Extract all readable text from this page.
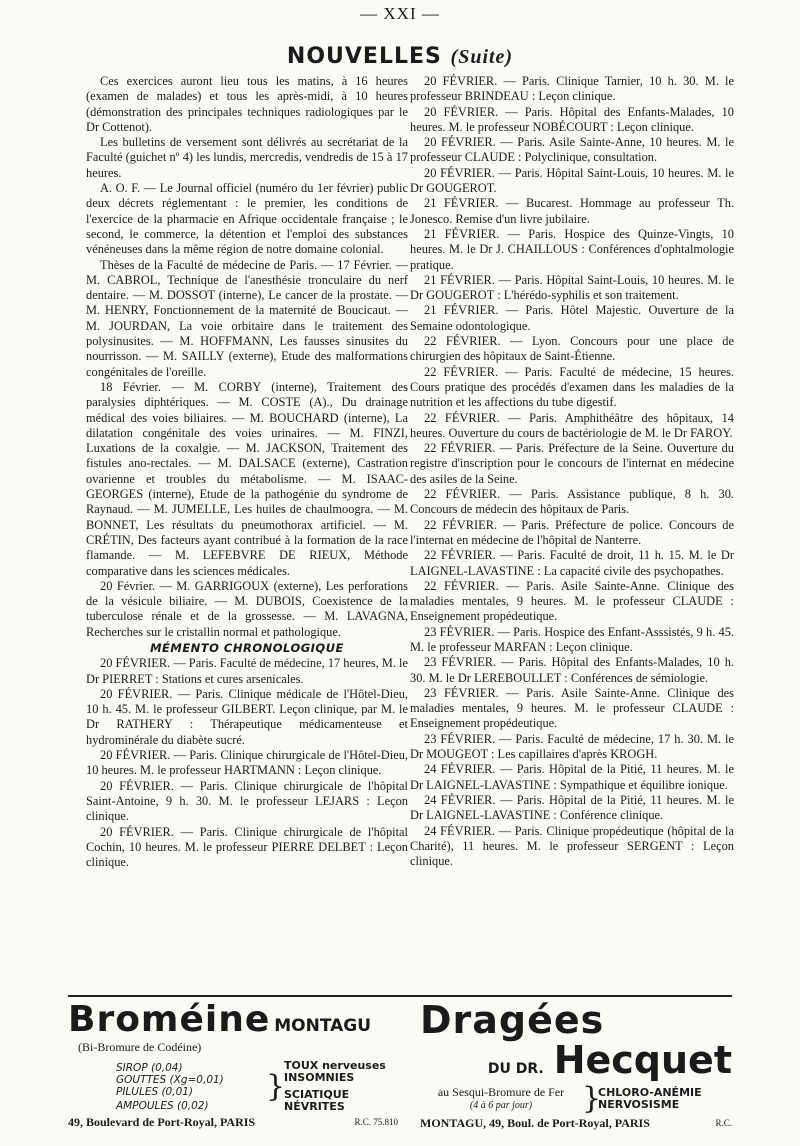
— XXI —
NOUVELLES (Suite)

Ces exercices auront lieu tous les matins, à 16 heures (examen de malades) et tous les après-midi, à 10 heures (démonstration des principales techniques radiologiques par le Dr Cottenot).

Les bulletins de versement sont délivrés au secrétariat de la Faculté (guichet nº 4) les lundis, mercredis, vendredis de 15 à 17 heures.

A. O. F. — Le Journal officiel (numéro du 1er février) public deux décrets réglementant : le premier, les conditions de l'exercice de la pharmacie en Afrique occidentale française ; le second, le commerce, la détention et l'emploi des substances vénéneuses dans la même région de notre domaine colonial.

Thèses de la Faculté de médecine de Paris. — 17 Février. — M. CABROL, Technique de l'anesthésie tronculaire du nerf dentaire. — M. DOSSOT (interne), Le cancer de la prostate. — M. HENRY, Fonctionnement de la maternité de Boucicaut. — M. JOURDAN, La voie orbitaire dans le traitement des polysinusites. — M. HOFFMANN, Les fausses sinusites du nourrisson. — M. SAILLY (externe), Etude des malformations congénitales de l'oreille.

18 Février. — M. CORBY (interne), Traitement des paralysies diphtériques. — M. COSTE (A)., Du drainage médical des voies biliaires. — M. BOUCHARD (interne), La dilatation congénitale des voies urinaires. — M. FINZI, Luxations de la coxalgie. — M. JACKSON, Traitement des fistules ano-rectales. — M. DALSACE (externe), Castration ovarienne et troubles du métabolisme. — M. ISAAC-GEORGES (interne), Etude de la pathogénie du syndrome de Raynaud. — M. JUMELLE, Les huiles de chaulmoogra. — M. BONNET, Les résultats du pneumothorax artificiel. — M. CRÉTIN, Des facteurs ayant contribué à la formation de la race flamande. — M. LEFEBVRE DE RIEUX, Méthode comparative dans les sciences médicales.

20 Février. — M. GARRIGOUX (externe), Les perforations de la vésicule biliaire. — M. DUBOIS, Coexistence de la tuberculose rénale et de la grossesse. — M. LAVAGNA, Recherches sur le cristallin normal et pathologique.

MÉMENTO CHRONOLOGIQUE

20 FÉVRIER. — Paris. Faculté de médecine, 17 heures, M. le Dr PIERRET : Stations et cures arsenicales.

20 FÉVRIER. — Paris. Clinique médicale de l'Hôtel-Dieu, 10 h. 45. M. le professeur GILBERT. Leçon clinique, par M. le Dr RATHERY : Thérapeutique médicamenteuse et hydrominérale du diabète sucré.

20 FÉVRIER. — Paris. Clinique chirurgicale de l'Hôtel-Dieu, 10 heures. M. le professeur HARTMANN : Leçon clinique.

20 FÉVRIER. — Paris. Clinique chirurgicale de l'hôpital Saint-Antoine, 9 h. 30. M. le professeur LEJARS : Leçon clinique.

20 FÉVRIER. — Paris. Clinique chirurgicale de l'hôpital Cochin, 10 heures. M. le professeur PIERRE DELBET : Leçon clinique.

20 FÉVRIER. — Paris. Clinique Tarnier, 10 h. 30. M. le professeur BRINDEAU : Leçon clinique.

20 FÉVRIER. — Paris. Hôpital des Enfants-Malades, 10 heures. M. le professeur NOBÉCOURT : Leçon clinique.

20 FÉVRIER. — Paris. Asile Sainte-Anne, 10 heures. M. le professeur CLAUDE : Polyclinique, consultation.

20 FÉVRIER. — Paris. Hôpital Saint-Louis, 10 heures. M. le Dr GOUGEROT.

21 FÉVRIER. — Bucarest. Hommage au professeur Th. Jonesco. Remise d'un livre jubilaire.

21 FÉVRIER. — Paris. Hospice des Quinze-Vingts, 10 heures. M. le Dr J. CHAILLOUS : Conférences d'ophtalmologie pratique.

21 FÉVRIER. — Paris. Hôpital Saint-Louis, 10 heures. M. le Dr GOUGEROT : L'hérédo-syphilis et son traitement.

21 FÉVRIER. — Paris. Hôtel Majestic. Ouverture de la Semaine odontologique.

22 FÉVRIER. — Lyon. Concours pour une place de chirurgien des hôpitaux de Saint-Étienne.

22 FÉVRIER. — Paris. Faculté de médecine, 15 heures. Cours pratique des procédés d'examen dans les maladies de la nutrition et les affections du tube digestif.

22 FÉVRIER. — Paris. Amphithéâtre des hôpitaux, 14 heures. Ouverture du cours de bactériologie de M. le Dr FAROY.

22 FÉVRIER. — Paris. Préfecture de la Seine. Ouverture du registre d'inscription pour le concours de l'internat en médecine des asiles de la Seine.

22 FÉVRIER. — Paris. Assistance publique, 8 h. 30. Concours de médecin des hôpitaux de Paris.

22 FÉVRIER. — Paris. Préfecture de police. Concours de l'internat en médecine de l'hôpital de Nanterre.

22 FÉVRIER. — Paris. Faculté de droit, 11 h. 15. M. le Dr LAIGNEL-LAVASTINE : La capacité civile des psychopathes.

22 FÉVRIER. — Paris. Asile Sainte-Anne. Clinique des maladies mentales, 9 heures. M. le professeur CLAUDE : Enseignement propédeutique.

23 FÉVRIER. — Paris. Hospice des Enfant-Asssistés, 9 h. 45. M. le professeur MARFAN : Leçon clinique.

23 FÉVRIER. — Paris. Hôpital des Enfants-Malades, 10 h. 30. M. le Dr LEREBOULLET : Conférences de sémiologie.

23 FÉVRIER. — Paris. Asile Sainte-Anne. Clinique des maladies mentales, 9 heures. M. le professeur CLAUDE : Enseignement propédeutique.

23 FÉVRIER. — Paris. Faculté de médecine, 17 h. 30. M. le Dr MOUGEOT : Les capillaires d'après KROGH.

24 FÉVRIER. — Paris. Hôpital de la Pitié, 11 heures. M. le Dr LAIGNEL-LAVASTINE : Sympathique et équilibre ionique.

24 FÉVRIER. — Paris. Hôpital de la Pitié, 11 heures. M. le Dr LAIGNEL-LAVASTINE : Conférence clinique.

24 FÉVRIER. — Paris. Clinique propédeutique (hôpital de la Charité), 11 heures. M. le professeur SERGENT : Leçon clinique.

Broméine MONTAGU
(Bi-Bromure de Codéine)
SIROP (0,04)
GOUTTES (Xg=0,01)
PILULES (0,01)
AMPOULES (0,02)
}
TOUX nerveuses
INSOMNIES
SCIATIQUE
NÉVRITES
49, Boulevard de Port-Royal, PARIS	R.C. 75.810
Dragées
DU DR. Hecquet
au Sesqui-Bromure de Fer
(4 à 6 par jour)	}
CHLORO-ANÉMIE
NERVOSISME
MONTAGU, 49, Boul. de Port-Royal, PARIS	R.C.
